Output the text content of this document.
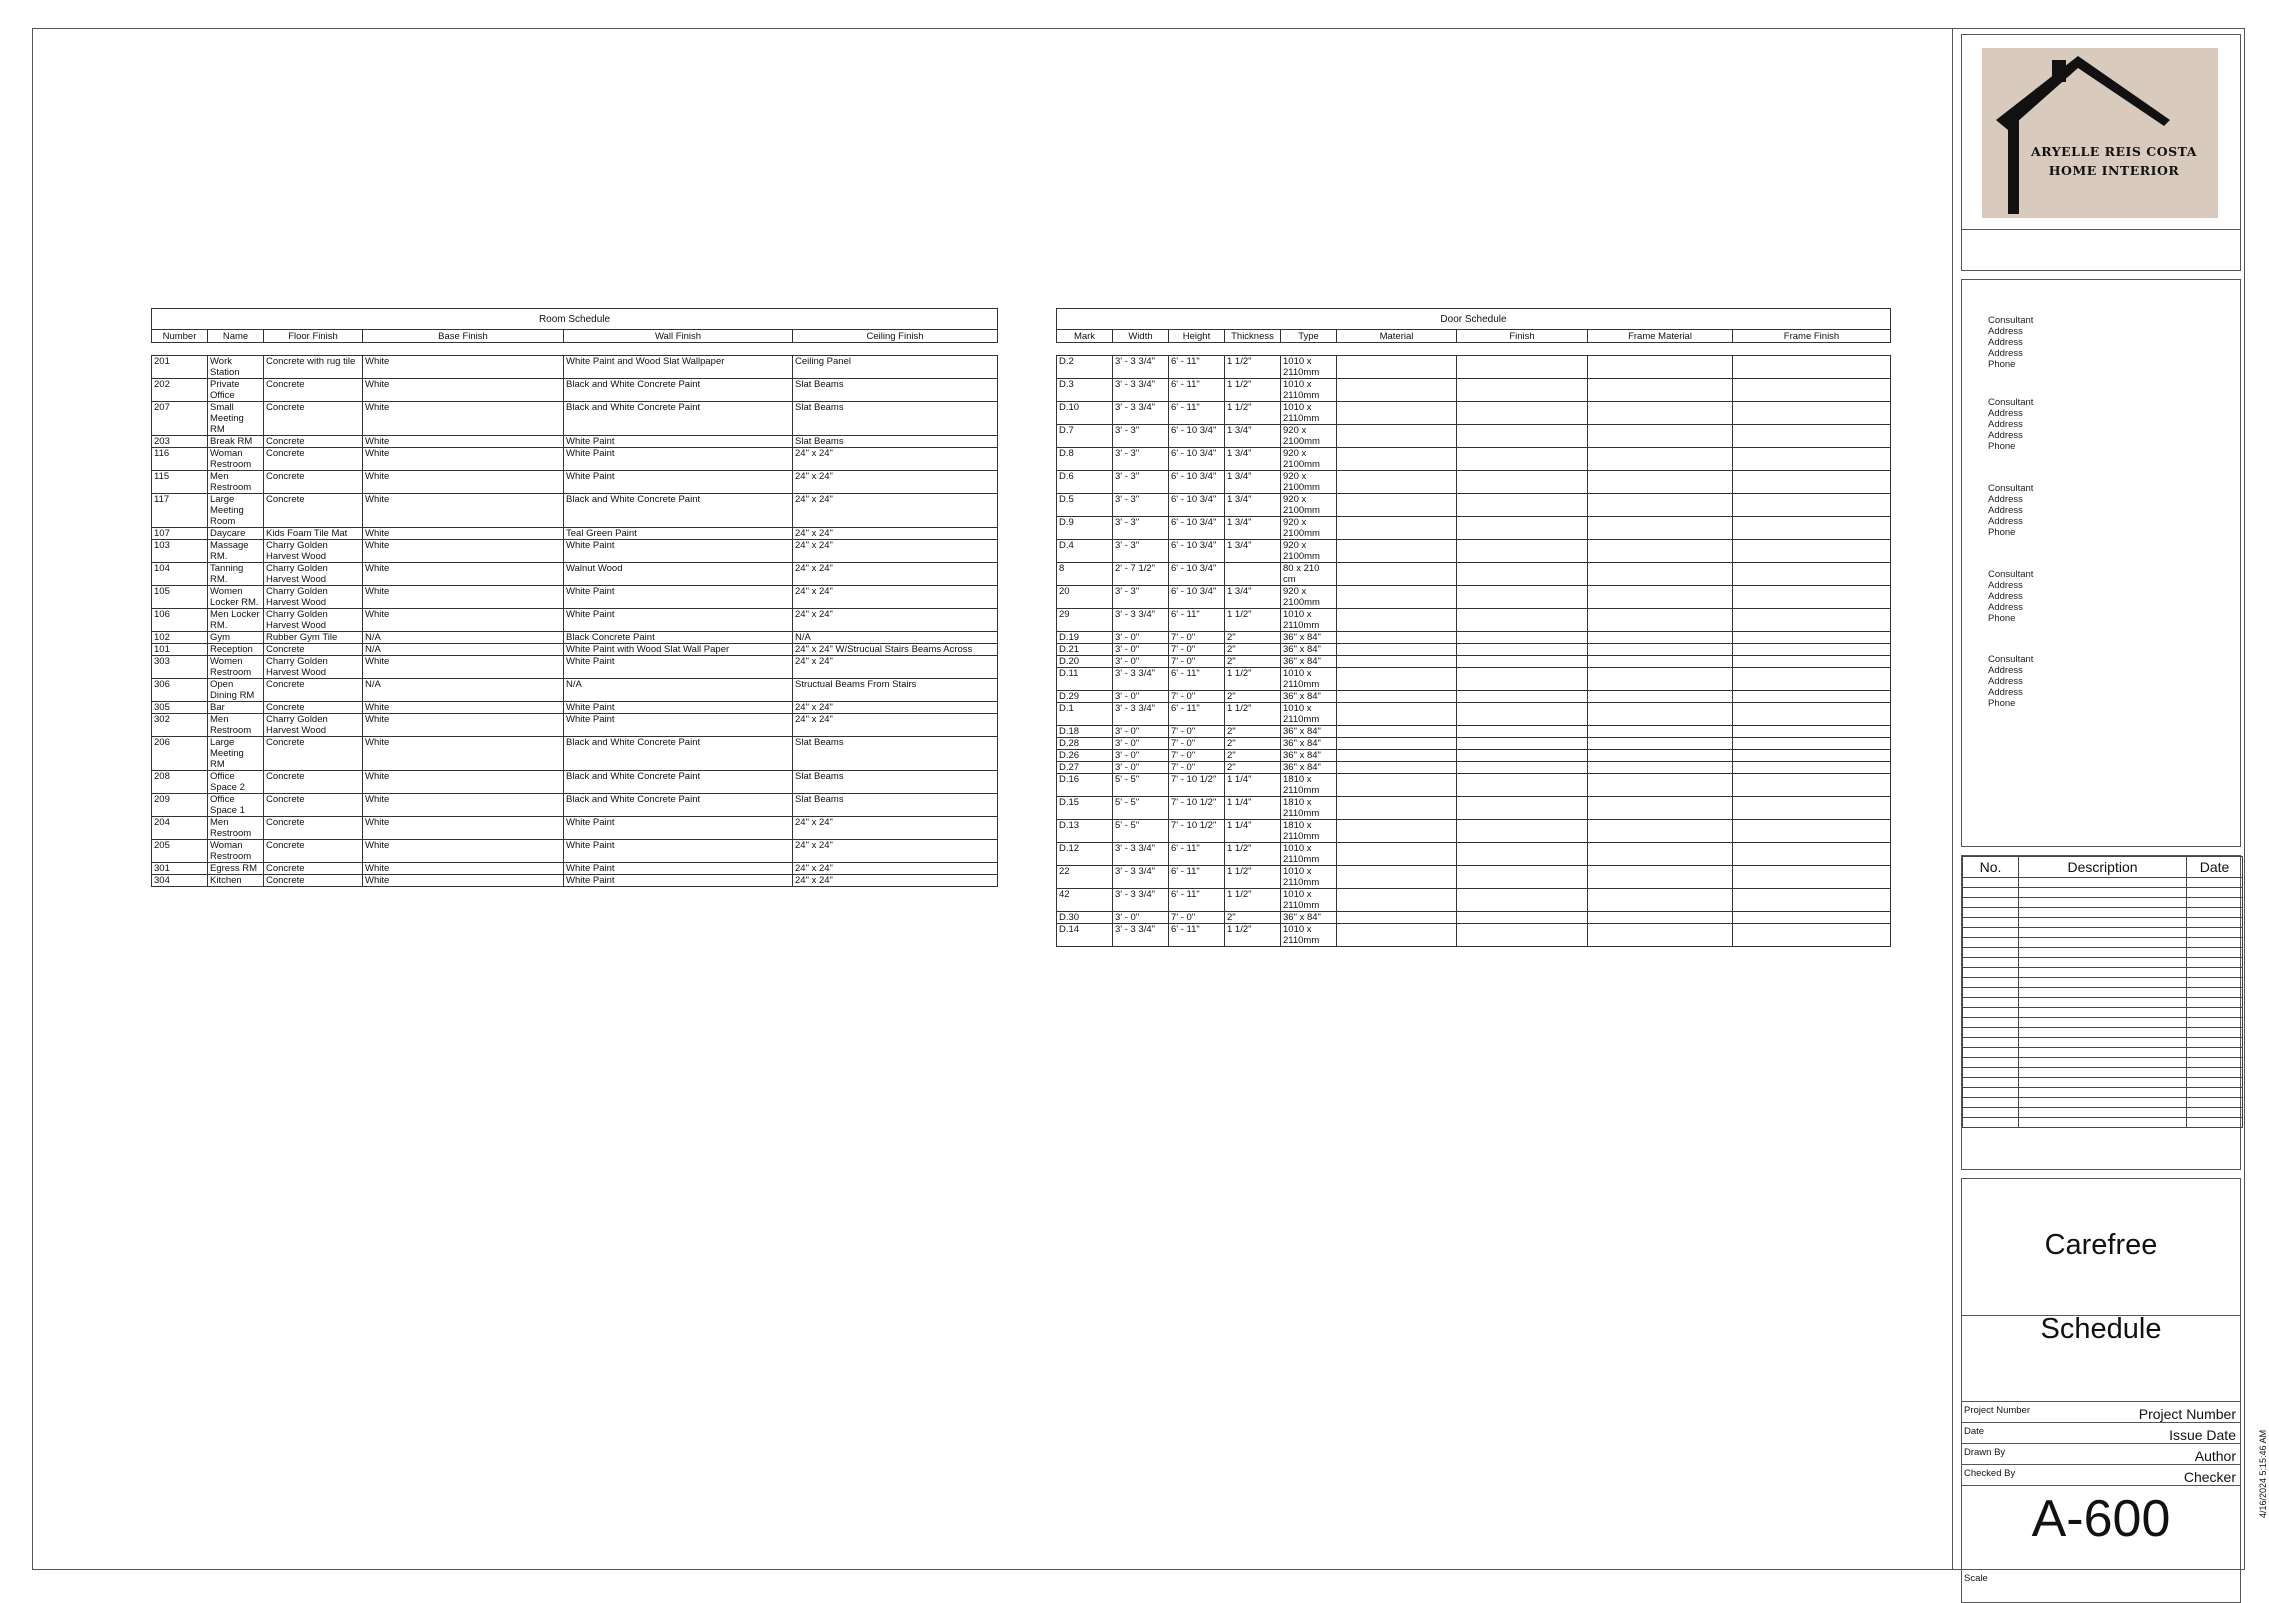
Room Schedule					
Number	Name	Floor Finish	Base Finish	Wall Finish	Ceiling Finish

201	Work Station	Concrete with rug tile	White	White Paint and Wood Slat Wallpaper	Ceiling Panel
202	Private Office	Concrete	White	Black and White Concrete Paint	Slat Beams
207	Small Meeting RM	Concrete	White	Black and White Concrete Paint	Slat Beams
203	Break RM	Concrete	White	White Paint	Slat Beams
116	Woman Restroom	Concrete	White	White Paint	24" x 24"
115	Men Restroom	Concrete	White	White Paint	24" x 24"
117	Large Meeting Room	Concrete	White	Black and White Concrete Paint	24" x 24"
107	Daycare	Kids Foam Tile Mat	White	Teal Green Paint	24" x 24"
103	Massage RM.	Charry Golden Harvest Wood	White	White Paint	24" x 24"
104	Tanning RM.	Charry Golden Harvest Wood	White	Walnut Wood	24" x 24"
105	Women Locker RM.	Charry Golden Harvest Wood	White	White Paint	24" x 24"
106	Men Locker RM.	Charry Golden Harvest Wood	White	White Paint	24" x 24"
102	Gym	Rubber Gym Tile	N/A	Black Concrete Paint	N/A
101	Reception	Concrete	N/A	White Paint with Wood Slat Wall Paper	24" x 24" W/Strucual Stairs Beams Across
303	Women Restroom	Charry Golden Harvest Wood	White	White Paint	24" x 24"
306	Open Dining RM	Concrete	N/A	N/A	Structual Beams From Stairs
305	Bar	Concrete	White	White Paint	24" x 24"
302	Men Restroom	Charry Golden Harvest Wood	White	White Paint	24" x 24"
206	Large Meeting RM	Concrete	White	Black and White Concrete Paint	Slat Beams
208	Office Space 2	Concrete	White	Black and White Concrete Paint	Slat Beams
209	Office Space 1	Concrete	White	Black and White Concrete Paint	Slat Beams
204	Men Restroom	Concrete	White	White Paint	24" x 24"
205	Woman Restroom	Concrete	White	White Paint	24" x 24"
301	Egress RM	Concrete	White	White Paint	24" x 24"
304	Kitchen	Concrete	White	White Paint	24" x 24"
Door Schedule								
Mark	Width	Height	Thickness	Type	Material	Finish	Frame Material	Frame Finish

D.2	3' - 3 3/4"	6' - 11"	1 1/2"	1010 x 2110mm				
D.3	3' - 3 3/4"	6' - 11"	1 1/2"	1010 x 2110mm				
D.10	3' - 3 3/4"	6' - 11"	1 1/2"	1010 x 2110mm				
D.7	3' - 3"	6' - 10 3/4"	1 3/4"	920 x 2100mm				
D.8	3' - 3"	6' - 10 3/4"	1 3/4"	920 x 2100mm				
D.6	3' - 3"	6' - 10 3/4"	1 3/4"	920 x 2100mm				
D.5	3' - 3"	6' - 10 3/4"	1 3/4"	920 x 2100mm				
D.9	3' - 3"	6' - 10 3/4"	1 3/4"	920 x 2100mm				
D.4	3' - 3"	6' - 10 3/4"	1 3/4"	920 x 2100mm				
8	2' - 7 1/2"	6' - 10 3/4"		80 x 210 cm				
20	3' - 3"	6' - 10 3/4"	1 3/4"	920 x 2100mm				
29	3' - 3 3/4"	6' - 11"	1 1/2"	1010 x 2110mm				
D.19	3' - 0"	7' - 0"	2"	36" x 84"				
D.21	3' - 0"	7' - 0"	2"	36" x 84"				
D.20	3' - 0"	7' - 0"	2"	36" x 84"				
D.11	3' - 3 3/4"	6' - 11"	1 1/2"	1010 x 2110mm				
D.29	3' - 0"	7' - 0"	2"	36" x 84"				
D.1	3' - 3 3/4"	6' - 11"	1 1/2"	1010 x 2110mm				
D.18	3' - 0"	7' - 0"	2"	36" x 84"				
D.28	3' - 0"	7' - 0"	2"	36" x 84"				
D.26	3' - 0"	7' - 0"	2"	36" x 84"				
D.27	3' - 0"	7' - 0"	2"	36" x 84"				
D.16	5' - 5"	7' - 10 1/2"	1 1/4"	1810 x 2110mm				
D.15	5' - 5"	7' - 10 1/2"	1 1/4"	1810 x 2110mm				
D.13	5' - 5"	7' - 10 1/2"	1 1/4"	1810 x 2110mm				
D.12	3' - 3 3/4"	6' - 11"	1 1/2"	1010 x 2110mm				
22	3' - 3 3/4"	6' - 11"	1 1/2"	1010 x 2110mm				
42	3' - 3 3/4"	6' - 11"	1 1/2"	1010 x 2110mm				
D.30	3' - 0"	7' - 0"	2"	36" x 84"				
D.14	3' - 3 3/4"	6' - 11"	1 1/2"	1010 x 2110mm				
ARYELLE REIS COSTA
HOME INTERIOR
Consultant
Address
Address
Address
Phone
Consultant
Address
Address
Address
Phone
Consultant
Address
Address
Address
Phone
Consultant
Address
Address
Address
Phone
Consultant
Address
Address
Address
Phone
No.	Description	Date

Carefree
Schedule
Project Number	Project Number
Date	Issue Date
Drawn By	Author
Checked By	Checker
A-600
Scale
4/16/2024 5:15:46 AM
